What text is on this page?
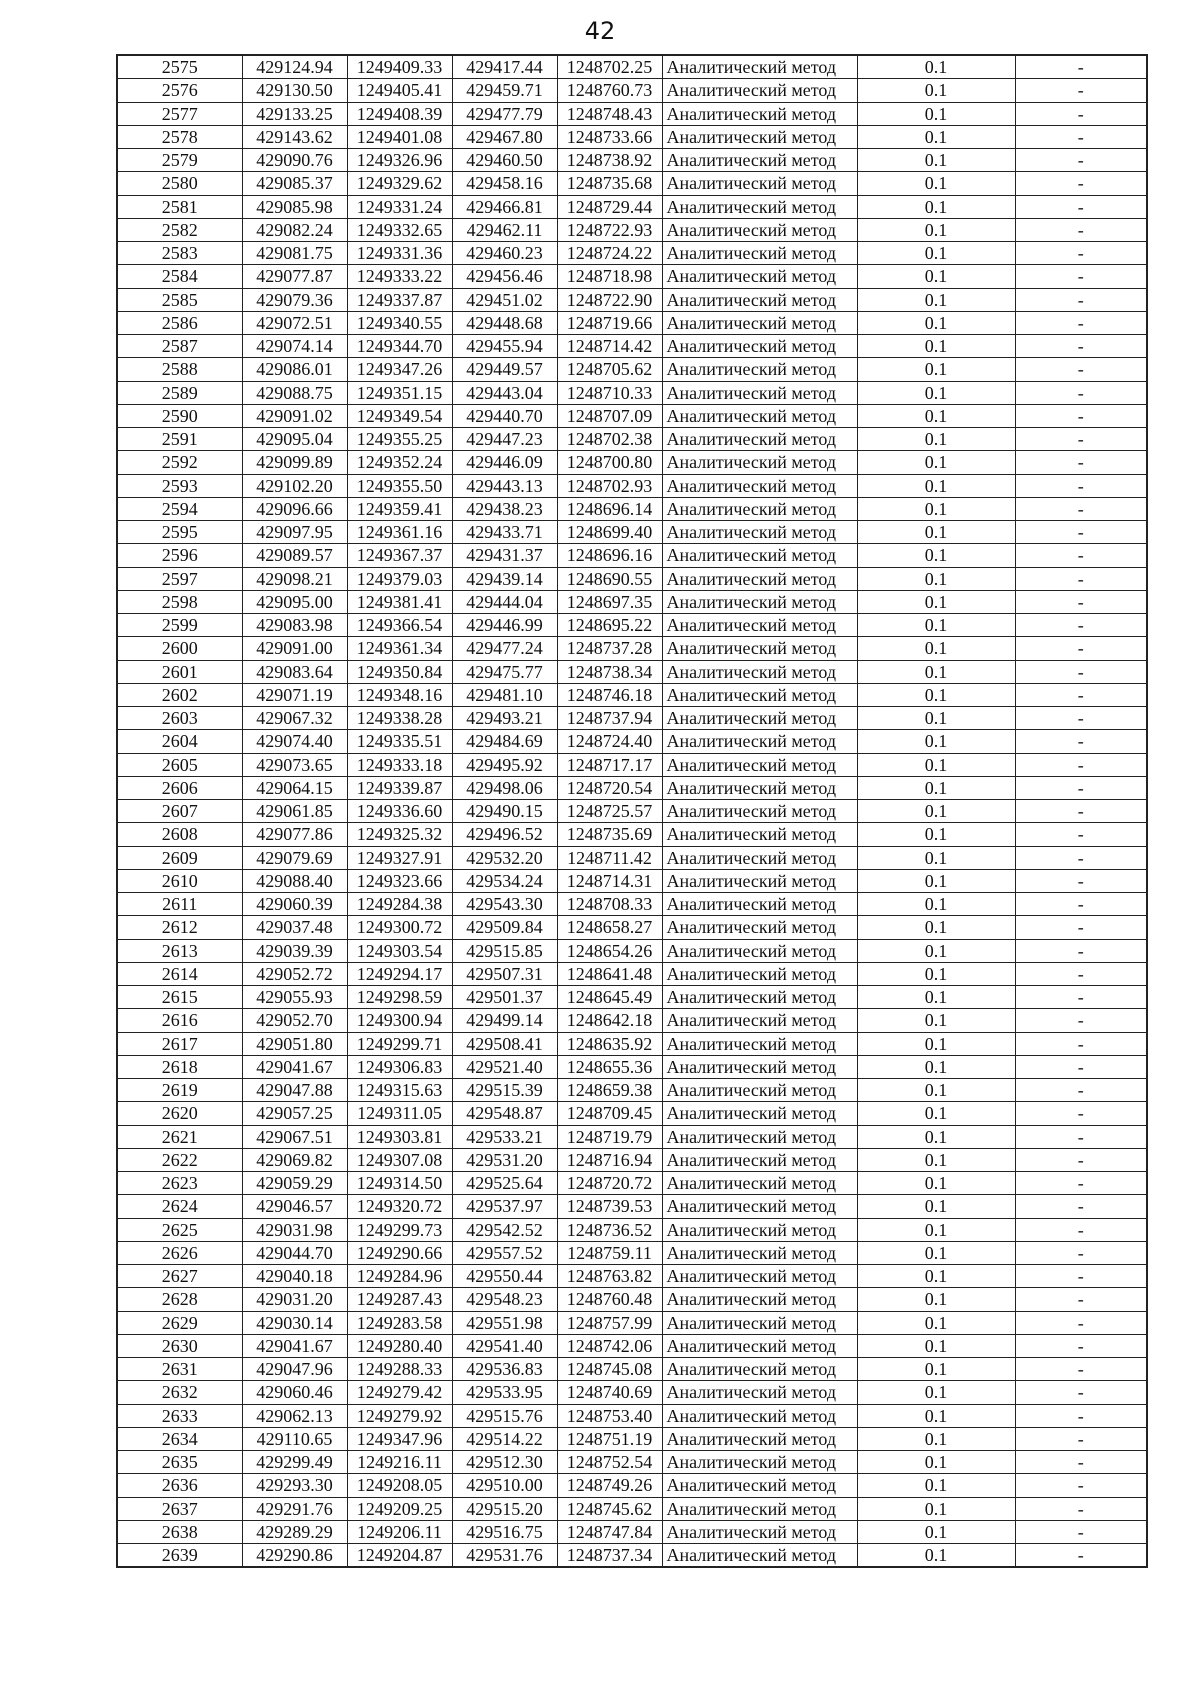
42
2575	429124.94	1249409.33	429417.44	1248702.25	Аналитический метод	0.1	-
2576	429130.50	1249405.41	429459.71	1248760.73	Аналитический метод	0.1	-
2577	429133.25	1249408.39	429477.79	1248748.43	Аналитический метод	0.1	-
2578	429143.62	1249401.08	429467.80	1248733.66	Аналитический метод	0.1	-
2579	429090.76	1249326.96	429460.50	1248738.92	Аналитический метод	0.1	-
2580	429085.37	1249329.62	429458.16	1248735.68	Аналитический метод	0.1	-
2581	429085.98	1249331.24	429466.81	1248729.44	Аналитический метод	0.1	-
2582	429082.24	1249332.65	429462.11	1248722.93	Аналитический метод	0.1	-
2583	429081.75	1249331.36	429460.23	1248724.22	Аналитический метод	0.1	-
2584	429077.87	1249333.22	429456.46	1248718.98	Аналитический метод	0.1	-
2585	429079.36	1249337.87	429451.02	1248722.90	Аналитический метод	0.1	-
2586	429072.51	1249340.55	429448.68	1248719.66	Аналитический метод	0.1	-
2587	429074.14	1249344.70	429455.94	1248714.42	Аналитический метод	0.1	-
2588	429086.01	1249347.26	429449.57	1248705.62	Аналитический метод	0.1	-
2589	429088.75	1249351.15	429443.04	1248710.33	Аналитический метод	0.1	-
2590	429091.02	1249349.54	429440.70	1248707.09	Аналитический метод	0.1	-
2591	429095.04	1249355.25	429447.23	1248702.38	Аналитический метод	0.1	-
2592	429099.89	1249352.24	429446.09	1248700.80	Аналитический метод	0.1	-
2593	429102.20	1249355.50	429443.13	1248702.93	Аналитический метод	0.1	-
2594	429096.66	1249359.41	429438.23	1248696.14	Аналитический метод	0.1	-
2595	429097.95	1249361.16	429433.71	1248699.40	Аналитический метод	0.1	-
2596	429089.57	1249367.37	429431.37	1248696.16	Аналитический метод	0.1	-
2597	429098.21	1249379.03	429439.14	1248690.55	Аналитический метод	0.1	-
2598	429095.00	1249381.41	429444.04	1248697.35	Аналитический метод	0.1	-
2599	429083.98	1249366.54	429446.99	1248695.22	Аналитический метод	0.1	-
2600	429091.00	1249361.34	429477.24	1248737.28	Аналитический метод	0.1	-
2601	429083.64	1249350.84	429475.77	1248738.34	Аналитический метод	0.1	-
2602	429071.19	1249348.16	429481.10	1248746.18	Аналитический метод	0.1	-
2603	429067.32	1249338.28	429493.21	1248737.94	Аналитический метод	0.1	-
2604	429074.40	1249335.51	429484.69	1248724.40	Аналитический метод	0.1	-
2605	429073.65	1249333.18	429495.92	1248717.17	Аналитический метод	0.1	-
2606	429064.15	1249339.87	429498.06	1248720.54	Аналитический метод	0.1	-
2607	429061.85	1249336.60	429490.15	1248725.57	Аналитический метод	0.1	-
2608	429077.86	1249325.32	429496.52	1248735.69	Аналитический метод	0.1	-
2609	429079.69	1249327.91	429532.20	1248711.42	Аналитический метод	0.1	-
2610	429088.40	1249323.66	429534.24	1248714.31	Аналитический метод	0.1	-
2611	429060.39	1249284.38	429543.30	1248708.33	Аналитический метод	0.1	-
2612	429037.48	1249300.72	429509.84	1248658.27	Аналитический метод	0.1	-
2613	429039.39	1249303.54	429515.85	1248654.26	Аналитический метод	0.1	-
2614	429052.72	1249294.17	429507.31	1248641.48	Аналитический метод	0.1	-
2615	429055.93	1249298.59	429501.37	1248645.49	Аналитический метод	0.1	-
2616	429052.70	1249300.94	429499.14	1248642.18	Аналитический метод	0.1	-
2617	429051.80	1249299.71	429508.41	1248635.92	Аналитический метод	0.1	-
2618	429041.67	1249306.83	429521.40	1248655.36	Аналитический метод	0.1	-
2619	429047.88	1249315.63	429515.39	1248659.38	Аналитический метод	0.1	-
2620	429057.25	1249311.05	429548.87	1248709.45	Аналитический метод	0.1	-
2621	429067.51	1249303.81	429533.21	1248719.79	Аналитический метод	0.1	-
2622	429069.82	1249307.08	429531.20	1248716.94	Аналитический метод	0.1	-
2623	429059.29	1249314.50	429525.64	1248720.72	Аналитический метод	0.1	-
2624	429046.57	1249320.72	429537.97	1248739.53	Аналитический метод	0.1	-
2625	429031.98	1249299.73	429542.52	1248736.52	Аналитический метод	0.1	-
2626	429044.70	1249290.66	429557.52	1248759.11	Аналитический метод	0.1	-
2627	429040.18	1249284.96	429550.44	1248763.82	Аналитический метод	0.1	-
2628	429031.20	1249287.43	429548.23	1248760.48	Аналитический метод	0.1	-
2629	429030.14	1249283.58	429551.98	1248757.99	Аналитический метод	0.1	-
2630	429041.67	1249280.40	429541.40	1248742.06	Аналитический метод	0.1	-
2631	429047.96	1249288.33	429536.83	1248745.08	Аналитический метод	0.1	-
2632	429060.46	1249279.42	429533.95	1248740.69	Аналитический метод	0.1	-
2633	429062.13	1249279.92	429515.76	1248753.40	Аналитический метод	0.1	-
2634	429110.65	1249347.96	429514.22	1248751.19	Аналитический метод	0.1	-
2635	429299.49	1249216.11	429512.30	1248752.54	Аналитический метод	0.1	-
2636	429293.30	1249208.05	429510.00	1248749.26	Аналитический метод	0.1	-
2637	429291.76	1249209.25	429515.20	1248745.62	Аналитический метод	0.1	-
2638	429289.29	1249206.11	429516.75	1248747.84	Аналитический метод	0.1	-
2639	429290.86	1249204.87	429531.76	1248737.34	Аналитический метод	0.1	-
